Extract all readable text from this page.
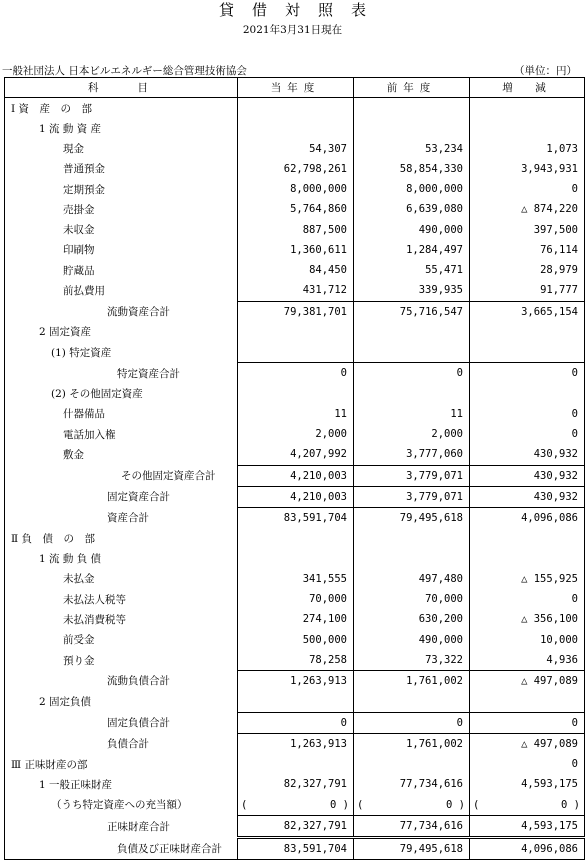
貸借対照表
2021年3月31日現在
一般社団法人 日本ビルエネルギー総合管理技術協会	（単位：円）
科　　目	当年度	前年度	増　減
Ⅰ 資　産　の　部			
1 流 動 資 産			
現金	54,307	53,234	1,073
普通預金	62,798,261	58,854,330	3,943,931
定期預金	8,000,000	8,000,000	0
売掛金	5,764,860	6,639,080	△ 874,220
未収金	887,500	490,000	397,500
印刷物	1,360,611	1,284,497	76,114
貯蔵品	84,450	55,471	28,979
前払費用	431,712	339,935	91,777
流動資産合計	79,381,701	75,716,547	3,665,154
2 固定資産			
(1) 特定資産			
特定資産合計	0	0	0
(2) その他固定資産			
什器備品	11	11	0
電話加入権	2,000	2,000	0
敷金	4,207,992	3,777,060	430,932
その他固定資産合計	4,210,003	3,779,071	430,932
固定資産合計	4,210,003	3,779,071	430,932
資産合計	83,591,704	79,495,618	4,096,086
Ⅱ 負　債　の　部			
1 流 動 負 債			
未払金	341,555	497,480	△ 155,925
未払法人税等	70,000	70,000	0
未払消費税等	274,100	630,200	△ 356,100
前受金	500,000	490,000	10,000
預り金	78,258	73,322	4,936
流動負債合計	1,263,913	1,761,002	△ 497,089
2 固定負債			
固定負債合計	0	0	0
負債合計	1,263,913	1,761,002	△ 497,089
Ⅲ 正味財産の部			0
1 一般正味財産	82,327,791	77,734,616	4,593,175
（うち特定資産への充当額）	( 0 )	( 0 )	( 0 )

正味財産合計	82,327,791	77,734,616	4,593,175
負債及び正味財産合計	83,591,704	79,495,618	4,096,086
